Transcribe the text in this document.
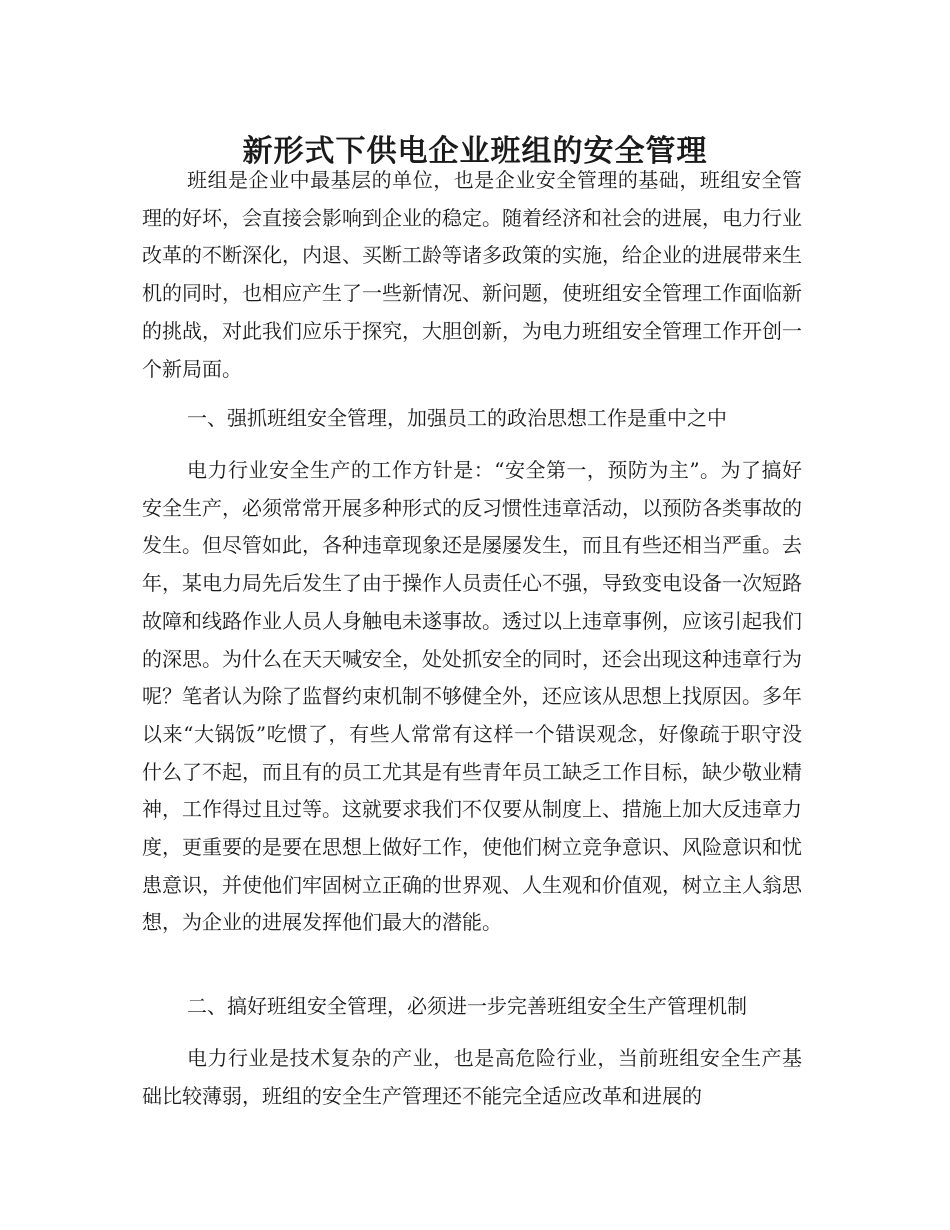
新形式下供电企业班组的安全管理

班组是企业中最基层的单位，也是企业安全管理的基础，班组安全管理的好坏，会直接会影响到企业的稳定。随着经济和社会的进展，电力行业改革的不断深化，内退、买断工龄等诸多政策的实施，给企业的进展带来生机的同时，也相应产生了一些新情况、新问题，使班组安全管理工作面临新的挑战，对此我们应乐于探究，大胆创新，为电力班组安全管理工作开创一个新局面。

一、强抓班组安全管理，加强员工的政治思想工作是重中之中

电力行业安全生产的工作方针是：“安全第一，预防为主”。为了搞好安全生产，必须常常开展多种形式的反习惯性违章活动，以预防各类事故的发生。但尽管如此，各种违章现象还是屡屡发生，而且有些还相当严重。去年，某电力局先后发生了由于操作人员责任心不强，导致变电设备一次短路故障和线路作业人员人身触电未遂事故。透过以上违章事例，应该引起我们的深思。为什么在天天喊安全，处处抓安全的同时，还会出现这种违章行为呢？笔者认为除了监督约束机制不够健全外，还应该从思想上找原因。多年以来“大锅饭”吃惯了，有些人常常有这样一个错误观念，好像疏于职守没什么了不起，而且有的员工尤其是有些青年员工缺乏工作目标，缺少敬业精神，工作得过且过等。这就要求我们不仅要从制度上、措施上加大反违章力度，更重要的是要在思想上做好工作，使他们树立竞争意识、风险意识和忧患意识，并使他们牢固树立正确的世界观、人生观和价值观，树立主人翁思想，为企业的进展发挥他们最大的潜能。

二、搞好班组安全管理，必须进一步完善班组安全生产管理机制

电力行业是技术复杂的产业，也是高危险行业，当前班组安全生产基础比较薄弱，班组的安全生产管理还不能完全适应改革和进展的
